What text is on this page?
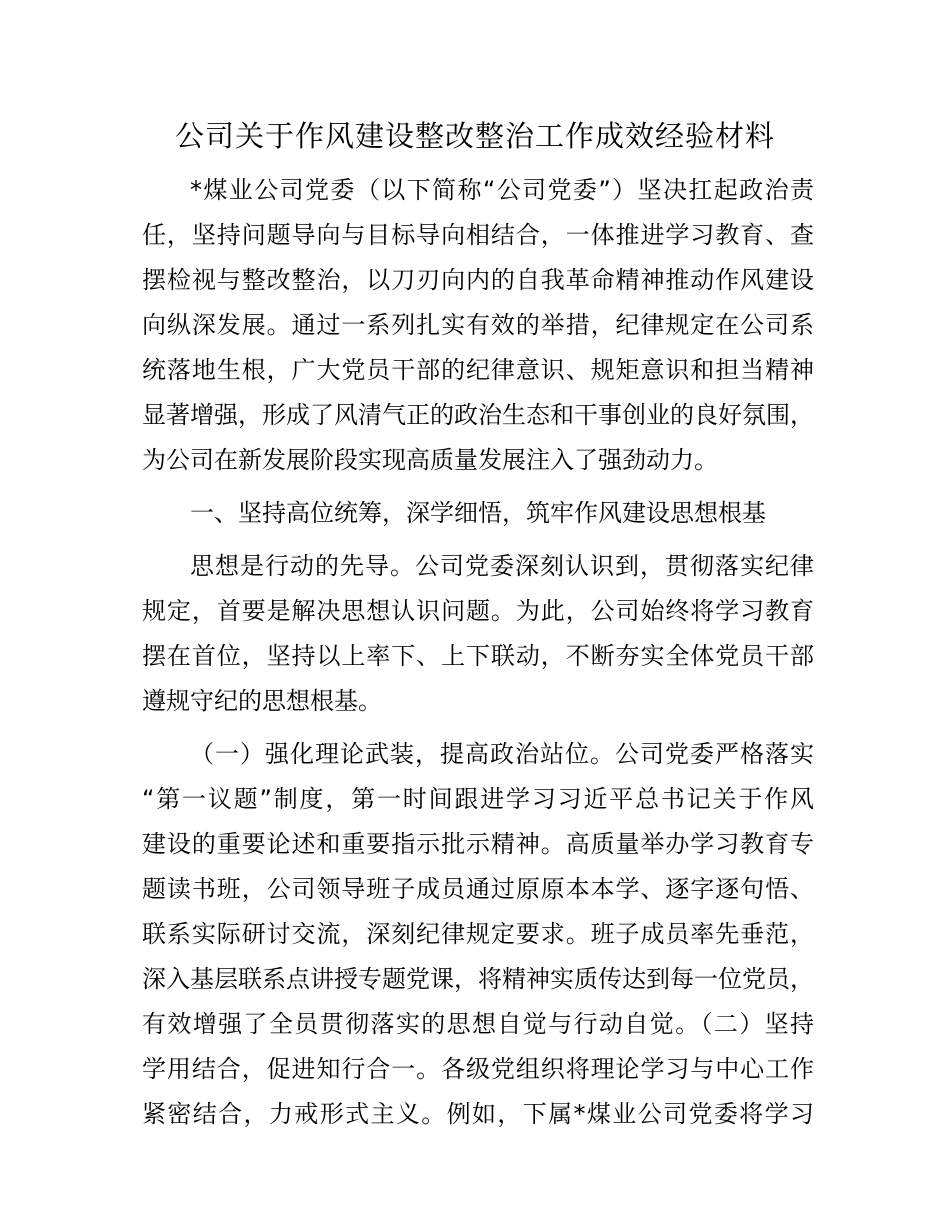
公司关于作风建设整改整治工作成效经验材料
*煤业公司党委（以下简称“公司党委”）坚决扛起政治责
任，坚持问题导向与目标导向相结合，一体推进学习教育、查
摆检视与整改整治，以刀刃向内的自我革命精神推动作风建设
向纵深发展。通过一系列扎实有效的举措，纪律规定在公司系
统落地生根，广大党员干部的纪律意识、规矩意识和担当精神
显著增强，形成了风清气正的政治生态和干事创业的良好氛围，
为公司在新发展阶段实现高质量发展注入了强劲动力。
一、坚持高位统筹，深学细悟，筑牢作风建设思想根基
思想是行动的先导。公司党委深刻认识到，贯彻落实纪律
规定，首要是解决思想认识问题。为此，公司始终将学习教育
摆在首位，坚持以上率下、上下联动，不断夯实全体党员干部
遵规守纪的思想根基。
（一）强化理论武装，提高政治站位。公司党委严格落实
“第一议题”制度，第一时间跟进学习习近平总书记关于作风
建设的重要论述和重要指示批示精神。高质量举办学习教育专
题读书班，公司领导班子成员通过原原本本学、逐字逐句悟、
联系实际研讨交流，深刻纪律规定要求。班子成员率先垂范，
深入基层联系点讲授专题党课，将精神实质传达到每一位党员，
有效增强了全员贯彻落实的思想自觉与行动自觉。（二）坚持
学用结合，促进知行合一。各级党组织将理论学习与中心工作
紧密结合，力戒形式主义。例如，下属*煤业公司党委将学习
